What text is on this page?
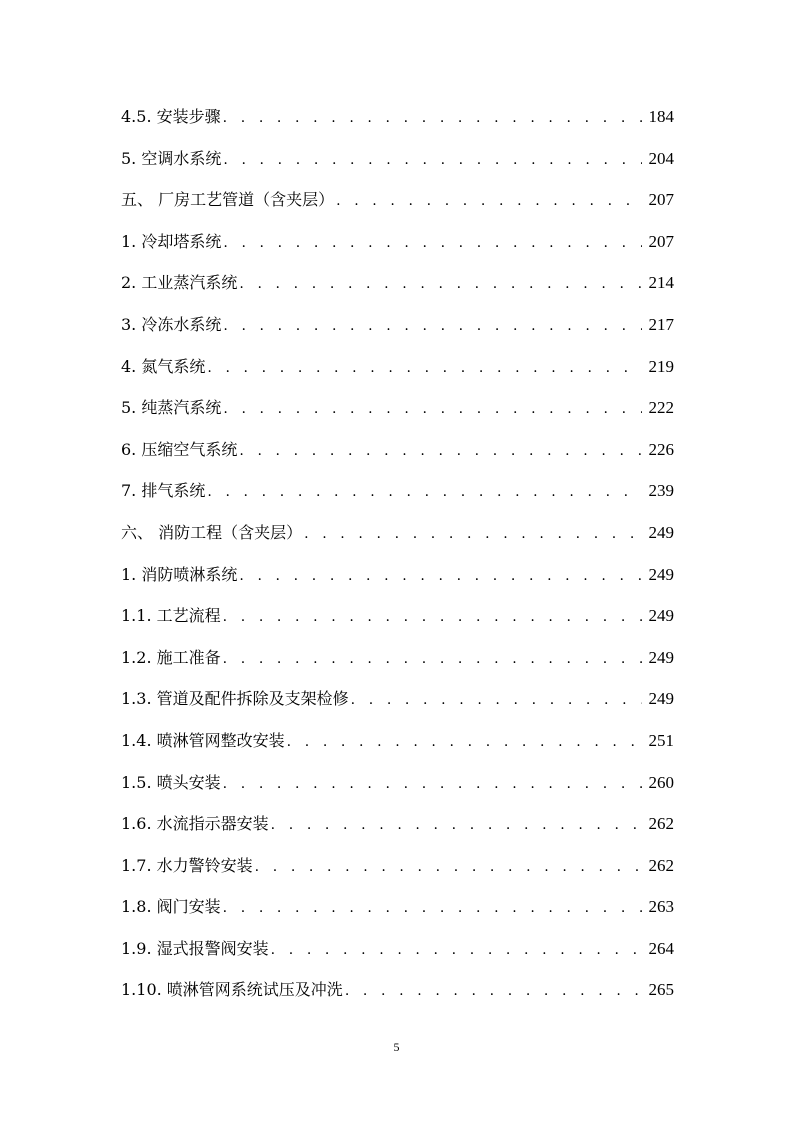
4.5. 安装步骤 . . .	184
5. 空调水系统 . . .	204
五、 厂房工艺管道（含夹层） . . .	207
1. 冷却塔系统 . . .	207
2. 工业蒸汽系统 . . .	214
3. 冷冻水系统 . . .	217
4. 氮气系统 . . .	219
5. 纯蒸汽系统 . . .	222
6. 压缩空气系统 . . .	226
7. 排气系统 . . .	239
六、 消防工程（含夹层） . . .	249
1. 消防喷淋系统 . . .	249
1.1. 工艺流程 . . .	249
1.2. 施工准备 . . .	249
1.3. 管道及配件拆除及支架检修 . . .	249
1.4. 喷淋管网整改安装 . . .	251
1.5. 喷头安装 . . .	260
1.6. 水流指示器安装 . . .	262
1.7. 水力警铃安装 . . .	262
1.8. 阀门安装 . . .	263
1.9. 湿式报警阀安装 . . .	264
1.10. 喷淋管网系统试压及冲洗 . . .	265
5
